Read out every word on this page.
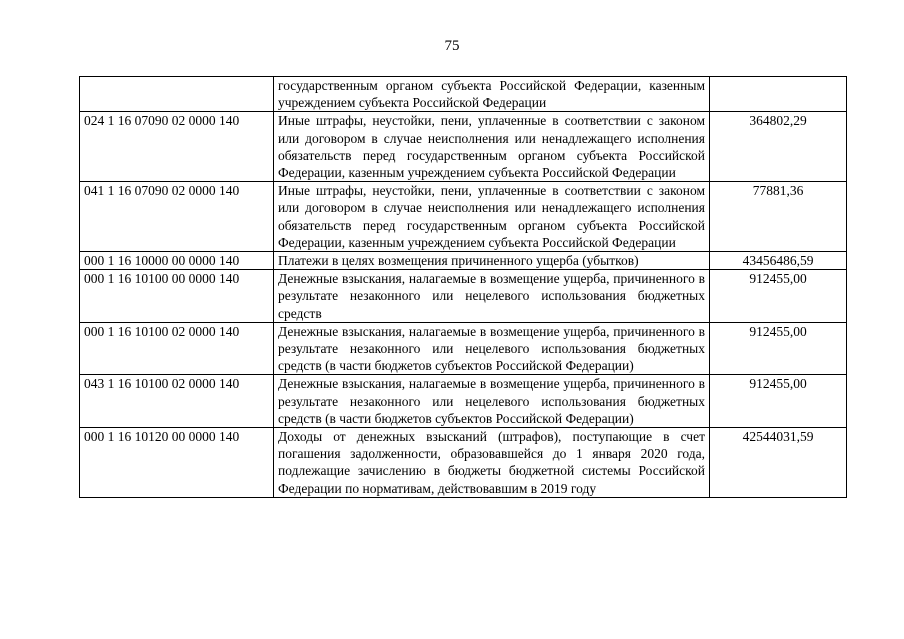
75
	государственным органом субъекта Российской Федерации, казенным учреждением субъекта Российской Федерации	
024 1 16 07090 02 0000 140	Иные штрафы, неустойки, пени, уплаченные в соответствии с законом или договором в случае неисполнения или ненадлежащего исполнения обязательств перед государственным органом субъекта Российской Федерации, казенным учреждением субъекта Российской Федерации	364802,29
041 1 16 07090 02 0000 140	Иные штрафы, неустойки, пени, уплаченные в соответствии с законом или договором в случае неисполнения или ненадлежащего исполнения обязательств перед государственным органом субъекта Российской Федерации, казенным учреждением субъекта Российской Федерации	77881,36
000 1 16 10000 00 0000 140	Платежи в целях возмещения причиненного ущерба (убытков)	43456486,59
000 1 16 10100 00 0000 140	Денежные взыскания, налагаемые в возмещение ущерба, причиненного в результате незаконного или нецелевого использования бюджетных средств	912455,00
000 1 16 10100 02 0000 140	Денежные взыскания, налагаемые в возмещение ущерба, причиненного в результате незаконного или нецелевого использования бюджетных средств (в части бюджетов субъектов Российской Федерации)	912455,00
043 1 16 10100 02 0000 140	Денежные взыскания, налагаемые в возмещение ущерба, причиненного в результате незаконного или нецелевого использования бюджетных средств (в части бюджетов субъектов Российской Федерации)	912455,00
000 1 16 10120 00 0000 140	Доходы от денежных взысканий (штрафов), поступающие в счет погашения задолженности, образовавшейся до 1 января 2020 года, подлежащие зачислению в бюджеты бюджетной системы Российской Федерации по нормативам, действовавшим в 2019 году	42544031,59
